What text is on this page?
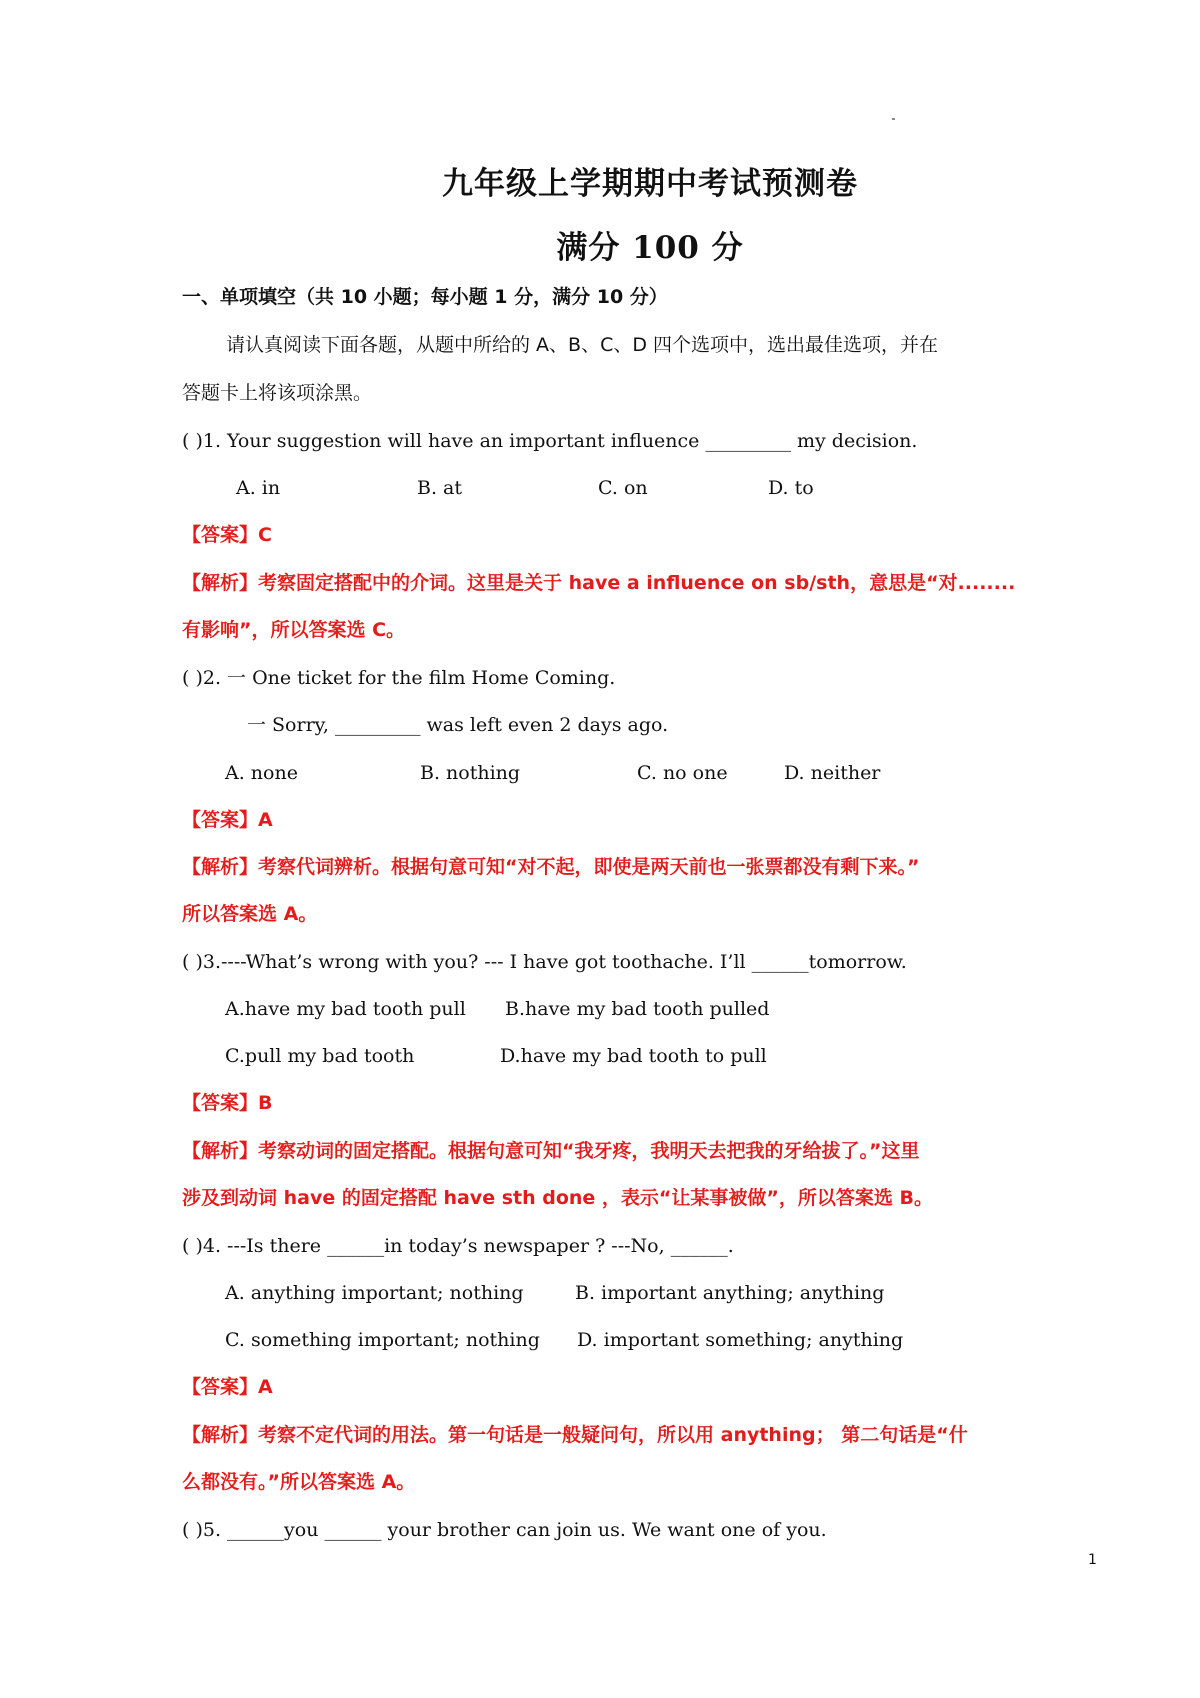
九年级上学期期中考试预测卷
满分 100 分
一、单项填空（共 10 小题；每小题 1 分，满分 10 分）
请认真阅读下面各题，从题中所给的 A、B、C、D 四个选项中，选出最佳选项，并在
答题卡上将该项涂黑。
( )1. Your suggestion will have an important influence _________ my decision.
A. in	B. at	C. on	D. to
【答案】C
【解析】考察固定搭配中的介词。这里是关于 have a influence on sb/sth，意思是“对........
有影响”，所以答案选 C。
( )2. 一 One ticket for the film Home Coming.
一 Sorry, _________ was left even 2 days ago.
A. none	B. nothing	C. no one	D. neither
【答案】A
【解析】考察代词辨析。根据句意可知“对不起，即使是两天前也一张票都没有剩下来。”
所以答案选 A。
( )3.----What’s wrong with you? --- I have got toothache. I’ll ______tomorrow.
A.have my bad tooth pull B.have my bad tooth pulled
C.pull my bad tooth	D.have my bad tooth to pull
【答案】B
【解析】考察动词的固定搭配。根据句意可知“我牙疼，我明天去把我的牙给拔了。”这里
涉及到动词 have 的固定搭配 have sth done ，表示“让某事被做”，所以答案选 B。
( )4. ---Is there ______in today’s newspaper ? ---No, ______.
A. anything important; nothing	B. important anything; anything
C. something important; nothing D. important something; anything
【答案】A
【解析】考察不定代词的用法。第一句话是一般疑问句，所以用 anything； 第二句话是“什
么都没有。”所以答案选 A。
( )5. ______you ______ your brother can join us. We want one of you.
1
